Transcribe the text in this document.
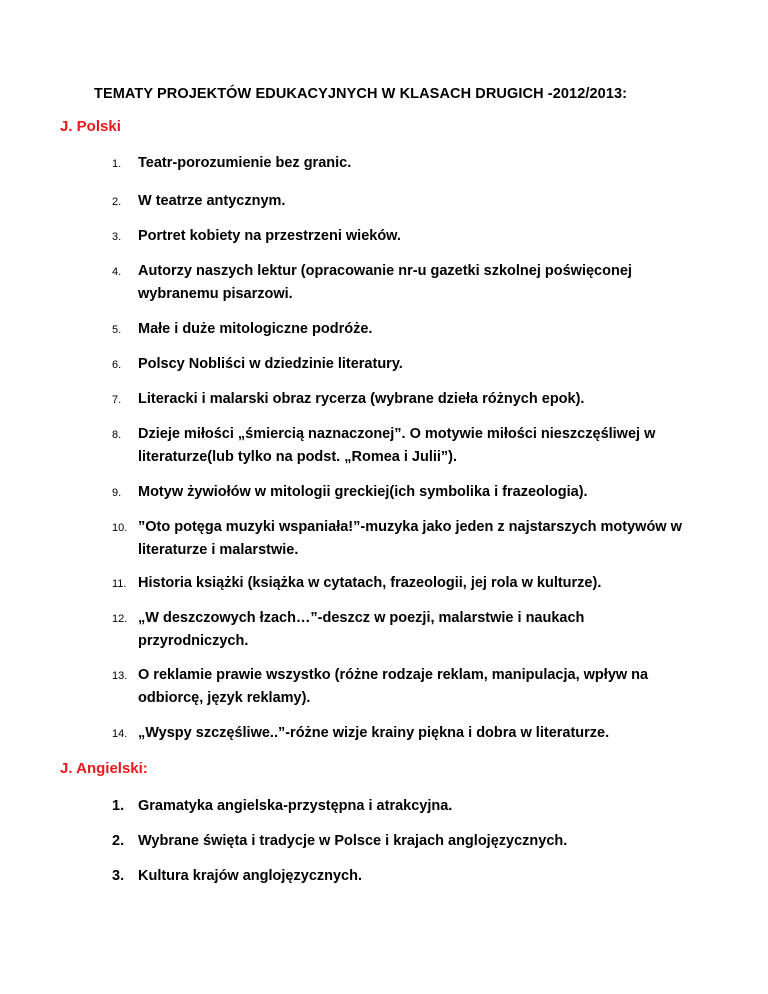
TEMATY PROJEKTÓW EDUKACYJNYCH W KLASACH DRUGICH -2012/2013:
J. Polski
1.	Teatr-porozumienie bez granic.
2.	W teatrze antycznym.
3.	Portret kobiety na przestrzeni wieków.
4.	Autorzy naszych lektur (opracowanie nr-u gazetki szkolnej poświęconej wybranemu pisarzowi.
5.	Małe i duże mitologiczne podróże.
6.	Polscy Nobliści w dziedzinie literatury.
7.	Literacki i malarski obraz rycerza (wybrane dzieła różnych epok).
8.	Dzieje miłości „śmiercią naznaczonej”. O motywie miłości nieszczęśliwej w literaturze(lub tylko na podst. „Romea i Julii”).
9.	Motyw żywiołów w mitologii greckiej(ich symbolika i frazeologia).
10. ”Oto potęga muzyki wspaniała!”-muzyka jako jeden z najstarszych motywów w literaturze i malarstwie.
11. Historia książki (książka w cytatach, frazeologii, jej rola w kulturze).
12. „W deszczowych łzach…”-deszcz w poezji, malarstwie i naukach przyrodniczych.
13. O reklamie prawie wszystko (różne rodzaje reklam, manipulacja, wpływ na odbiorcę, język reklamy).
14. „Wyspy szczęśliwe..”-różne wizje krainy piękna i dobra w literaturze.
J. Angielski:
1. Gramatyka angielska-przystępna i atrakcyjna.
2. Wybrane święta i tradycje w Polsce i krajach anglojęzycznych.
3. Kultura krajów anglojęzycznych.
